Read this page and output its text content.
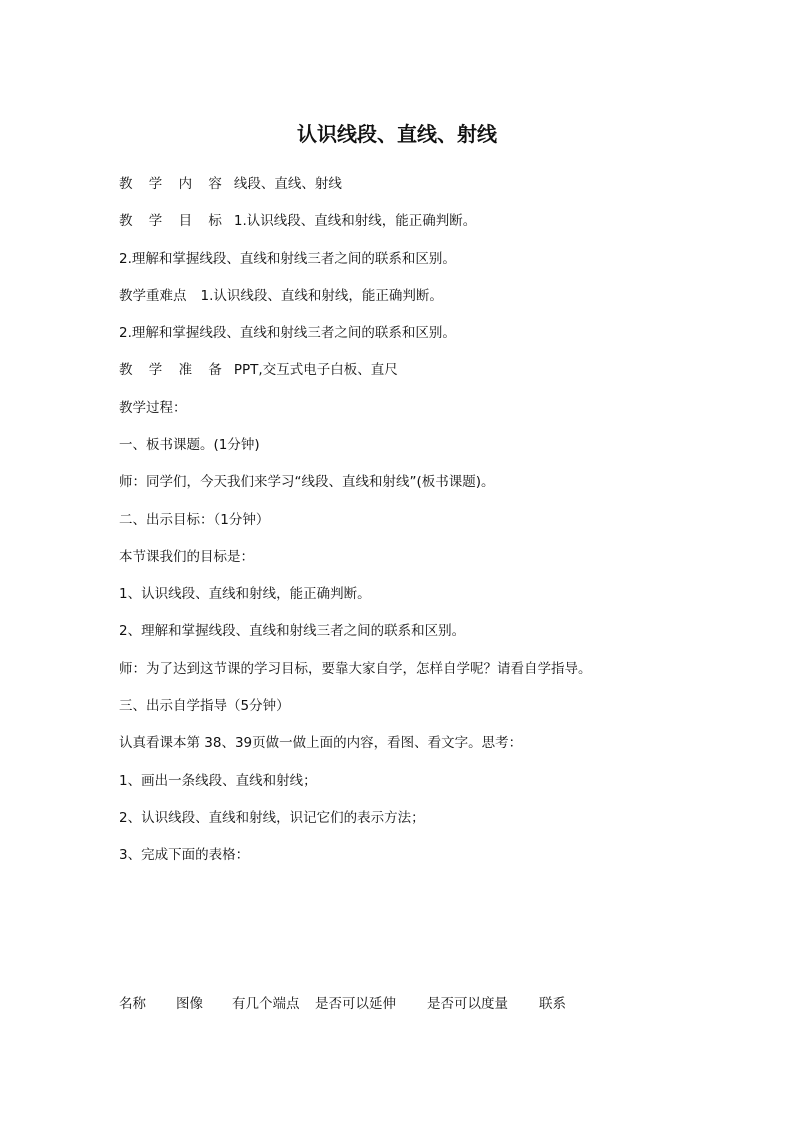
认识线段、直线、射线
教 学 内 容 线段、直线、射线
教 学 目 标 1.认识线段、直线和射线，能正确判断。
2.理解和掌握线段、直线和射线三者之间的联系和区别。
教学重难点 1.认识线段、直线和射线，能正确判断。
2.理解和掌握线段、直线和射线三者之间的联系和区别。
教 学 准 备 PPT,交互式电子白板、直尺
教学过程：
一、板书课题。(1分钟)
师：同学们，今天我们来学习“线段、直线和射线”(板书课题)。
二、出示目标：（1分钟）
本节课我们的目标是：
1、认识线段、直线和射线，能正确判断。
2、理解和掌握线段、直线和射线三者之间的联系和区别。
师：为了达到这节课的学习目标，要靠大家自学，怎样自学呢？请看自学指导。
三、出示自学指导（5分钟）
认真看课本第 38、39页做一做上面的内容，看图、看文字。思考：
1、画出一条线段、直线和射线；
2、认识线段、直线和射线，识记它们的表示方法；
3、完成下面的表格：
名称 图像 有几个端点 是否可以延伸 是否可以度量 联系
